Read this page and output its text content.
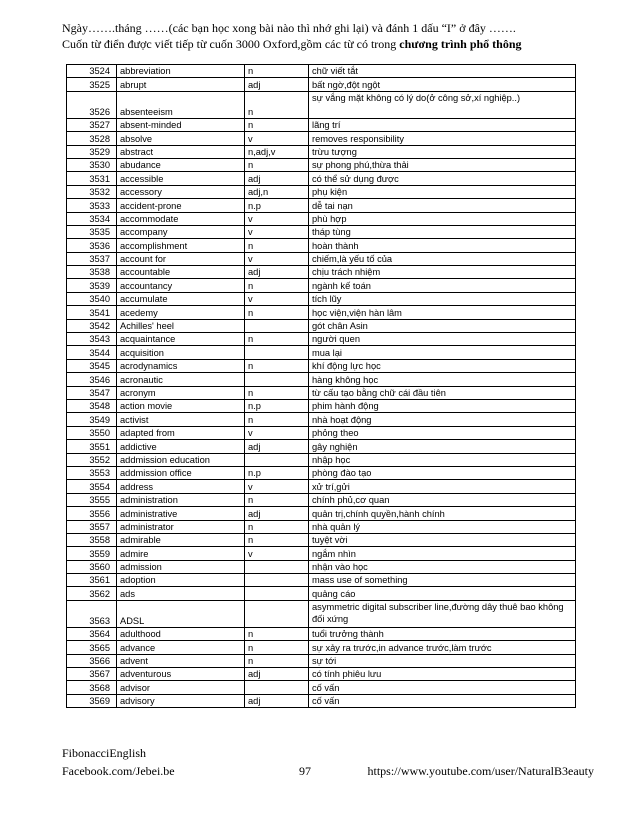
Ngày…….tháng ……(các bạn học xong bài nào thì nhớ ghi lại) và đánh 1 dấu “I” ở đây …….
Cuốn từ điển được viết tiếp từ cuốn 3000 Oxford,gồm các từ có trong chương trình phổ thông
3524	abbreviation	n	chữ viết tắt
3525	abrupt	adj	bất ngờ,đột ngột
3526	absenteeism	n	sự vắng mặt không có lý do(ở công sở,xí nghiệp..)
3527	absent-minded	n	lãng trí
3528	absolve	v	removes responsibility
3529	abstract	n,adj,v	trừu tượng
3530	abudance	n	sự phong phú,thừa thải
3531	accessible	adj	có thể sử dụng được
3532	accessory	adj,n	phụ kiện
3533	accident-prone	n.p	dễ tai nạn
3534	accommodate	v	phù hợp
3535	accompany	v	tháp tùng
3536	accomplishment	n	hoàn thành
3537	account for	v	chiếm,là yếu tố của
3538	accountable	adj	chịu trách nhiệm
3539	accountancy	n	ngành kế toán
3540	accumulate	v	tích lũy
3541	acedemy	n	học viện,viện hàn lâm
3542	Achilles' heel		gót chân Asin
3543	acquaintance	n	người quen
3544	acquisition		mua lại
3545	acrodynamics	n	khí động lực học
3546	acronautic		hàng không học
3547	acronym	n	từ cấu tạo bằng chữ cái đầu tiên
3548	action movie	n.p	phim hành động
3549	activist	n	nhà hoạt động
3550	adapted from	v	phỏng theo
3551	addictive	adj	gây nghiện
3552	addmission education		nhập học
3553	addmission office	n.p	phòng đào tạo
3554	address	v	xử trí,gửi
3555	administration	n	chính phủ,cơ quan
3556	administrative	adj	quản trị,chính quyền,hành chính
3557	administrator	n	nhà quản lý
3558	admirable	n	tuyệt vời
3559	admire	v	ngắm nhìn
3560	admission		nhận vào học
3561	adoption		mass use of something
3562	ads		quảng cáo
3563	ADSL		asymmetric digital subscriber line,đường dây thuê bao không đối xứng
3564	adulthood	n	tuổi trưởng thành
3565	advance	n	sự xảy ra trước,in advance trước,làm trước
3566	advent	n	sự tới
3567	adventurous	adj	có tính phiêu lưu
3568	advisor		cố vấn
3569	advisory	adj	cố vấn
FibonacciEnglish
Facebook.com/Jebei.be	97	https://www.youtube.com/user/NaturalB3eauty
